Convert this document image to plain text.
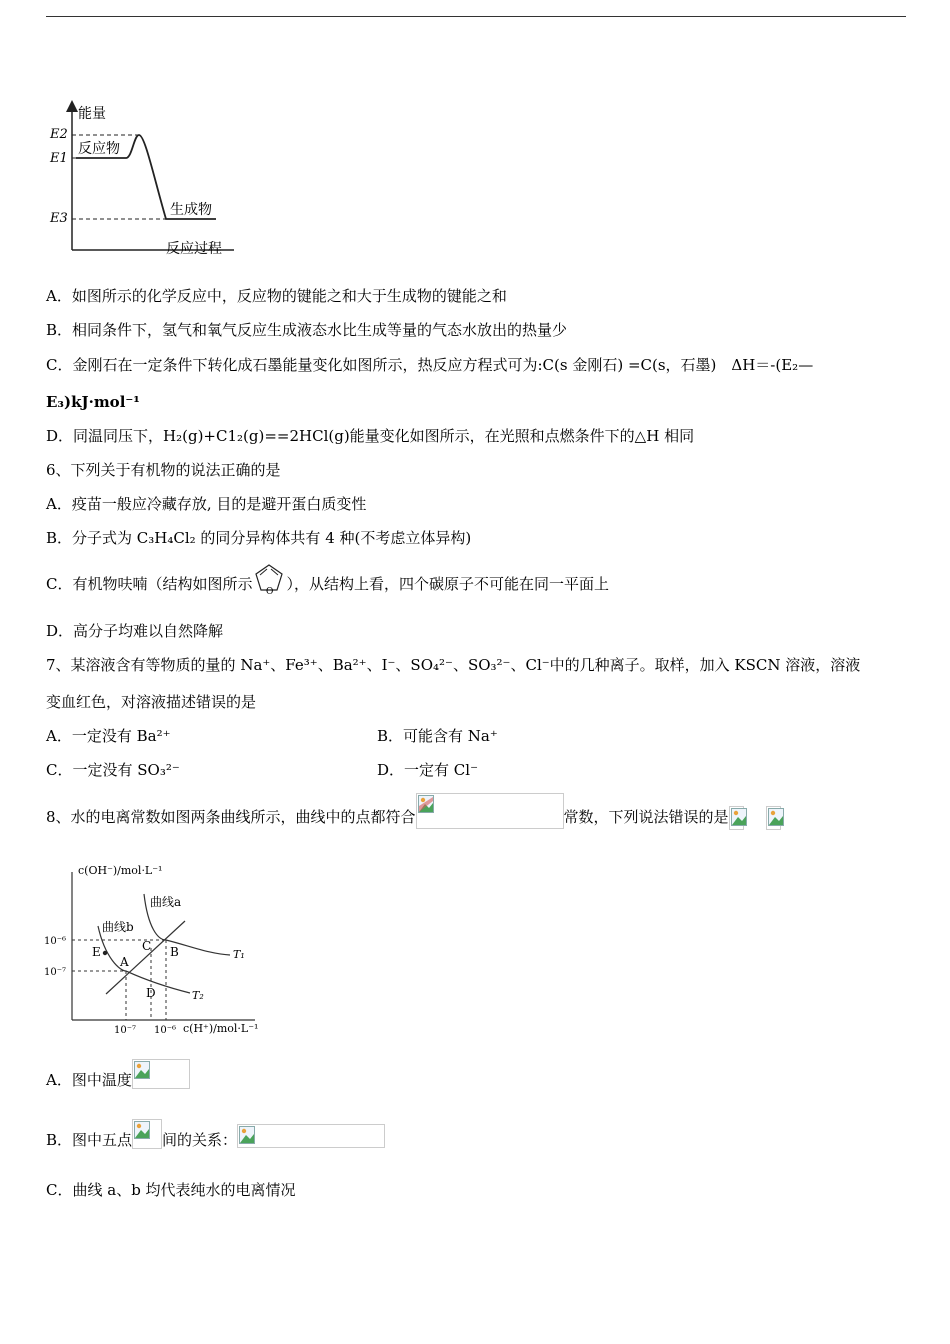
能量
E2
E1
E3
反应物
生成物
反应过程
A．如图所示的化学反应中，反应物的键能之和大于生成物的键能之和
B．相同条件下，氢气和氧气反应生成液态水比生成等量的气态水放出的热量少
C．金刚石在一定条件下转化成石墨能量变化如图所示，热反应方程式可为:C(s 金刚石) =C(s，石墨)　ΔH＝-(E₂—
E₃)kJ·mol⁻¹
D．同温同压下，H₂(g)+C1₂(g)==2HCl(g)能量变化如图所示，在光照和点燃条件下的△H 相同
6、下列关于有机物的说法正确的是
A．疫苗一般应冷藏存放, 目的是避开蛋白质变性
B．分子式为 C₃H₄Cl₂ 的同分异构体共有 4 种(不考虑立体异构)
C．有机物呋喃（结构如图所示 O ），从结构上看，四个碳原子不可能在同一平面上
D．高分子均难以自然降解
7、某溶液含有等物质的量的 Na⁺、Fe³⁺、Ba²⁺、I⁻、SO₄²⁻、SO₃²⁻、Cl⁻中的几种离子。取样，加入 KSCN 溶液，溶液
变血红色，对溶液描述错误的是
A．一定没有 Ba²⁺	B．可能含有 Na⁺
C．一定没有 SO₃²⁻	D．一定有 Cl⁻
8、水的电离常数如图两条曲线所示，曲线中的点都符合	常数，下列说法错误的是
c(OH⁻)/mol·L⁻¹
c(H⁺)/mol·L⁻¹
10⁻⁷ 10⁻⁶
10⁻⁶
10⁻⁷
曲线a
曲线b
T₁
T₂
A
B
C
D
E
A．图中温度
B．图中五点 间的关系：
C．曲线 a、b 均代表纯水的电离情况
